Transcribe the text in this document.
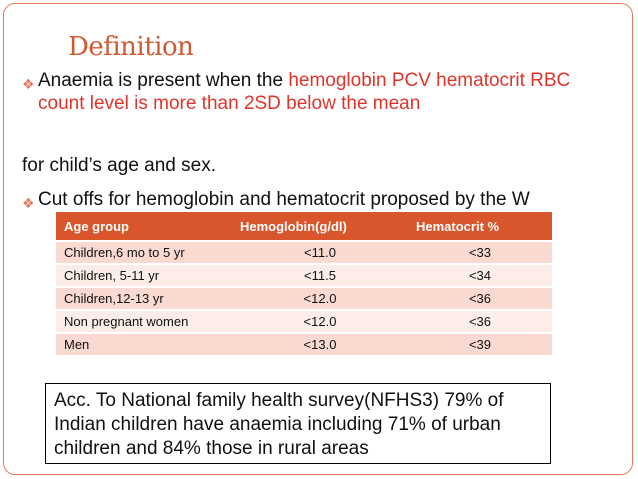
Definition
❖ Anaemia is present when the hemoglobin PCV hematocrit RBC count level is more than 2SD below the mean
for child’s age and sex.
❖ Cut offs for hemoglobin and hematocrit proposed by the W
Age group	Hemoglobin(g/dl)	Hematocrit %
Children,6 mo to 5 yr	<11.0	<33
Children, 5-11 yr	<11.5	<34
Children,12-13 yr	<12.0	<36
Non pregnant women	<12.0	<36
Men	<13.0	<39
Acc. To National family health survey(NFHS3) 79% of Indian children have anaemia including 71% of urban children and 84% those in rural areas
